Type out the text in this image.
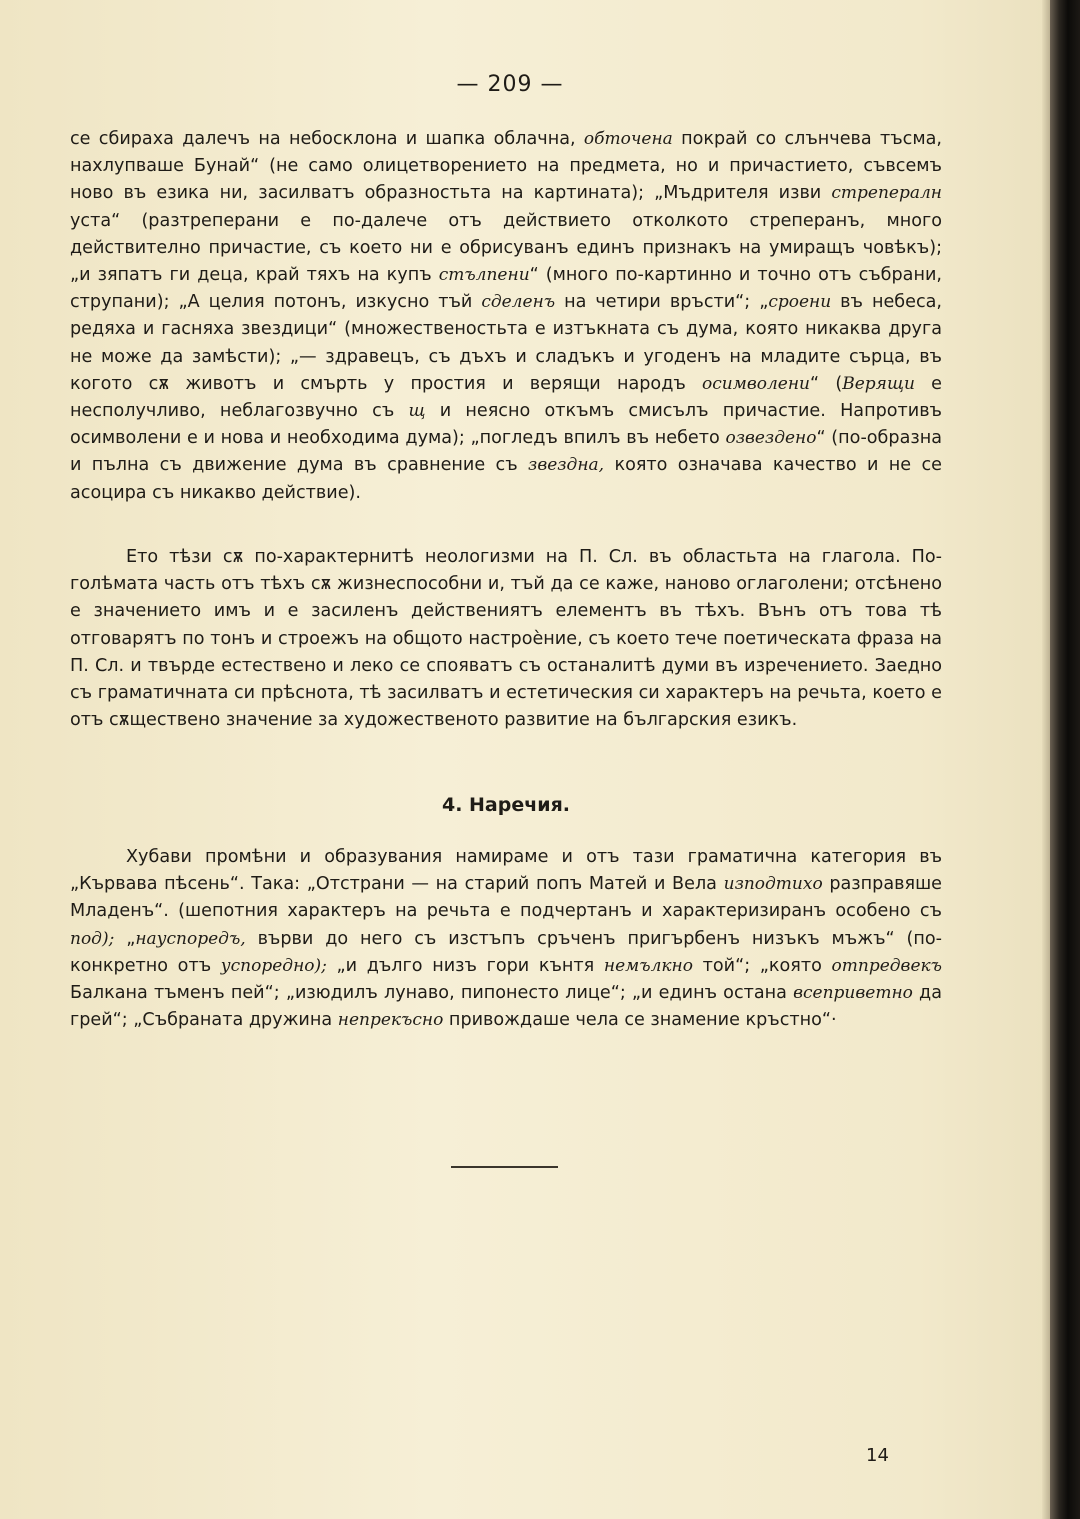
— 209 —

се сбираха далечъ на небосклона и шапка облачна, обточена покрай со слънчева тъсма, нахлупваше Бунай“ (не само олицетворението на предмета, но и причастието, съвсемъ ново въ езика ни, засилватъ образностьта на картината); „Мъдрителя изви стрепералн уста“ (разтреперани е по-далече отъ действието отколкото стреперанъ, много действително причастие, съ което ни е обрисуванъ единъ признакъ на умиращъ човѣкъ); „и зяпатъ ги деца, край тяхъ на купъ стълпени“ (много по-картинно и точно отъ събрани, струпани); „А целия потонъ, изкусно тъй сделенъ на четири връсти“; „сроени въ небеса, редяха и гасняха звездици“ (множественостьта е изтъкната съ дума, която никаква друга не може да замѣсти); „— здравецъ, съ дъхъ и сладъкъ и угоденъ на младите сърца, въ когото сѫ животъ и смърть у простия и верящи народъ осимволени“ (Верящи е несполучливо, неблагозвучно съ щ и неясно откъмъ смисълъ причастие. Напротивъ осимволени е и нова и необходима дума); „погледъ впилъ въ небето озвездено“ (по-образна и пълна съ движение дума въ сравнение съ звездна, която означава качество и не се асоцира съ никакво действие).

Ето тѣзи сѫ по-характернитѣ неологизми на П. Сл. въ областьта на глагола. По-голѣмата часть отъ тѣхъ сѫ жизнеспособни и, тъй да се каже, наново оглаголени; отсѣнено е значението имъ и е засиленъ действениятъ елементъ въ тѣхъ. Вънъ отъ това тѣ отговарятъ по тонъ и строежъ на общото настроѐние, съ което тече поетическата фраза на П. Сл. и твърде естествено и леко се спояватъ съ останалитѣ думи въ изречението. Заедно съ граматичната си прѣснота, тѣ засилватъ и естетическия си характеръ на речьта, което е отъ сѫществено значение за художественото развитие на българския езикъ.

4. Наречия.

Хубави промѣни и образувания намираме и отъ тази граматична категория въ „Кървава пѣсень“. Така: „Отстрани — на старий попъ Матей и Вела изподтихо разправяше Младенъ“. (шепотния характеръ на речьта е подчертанъ и характеризиранъ особено съ под); „науспоредъ, върви до него съ изстъпъ сръченъ пригърбенъ низъкъ мъжъ“ (по-конкретно отъ успоредно); „и дълго низъ гори кънтя немълкно той“; „която отпредвекъ Балкана тъменъ пей“; „изюдилъ лунаво, пипонесто лице“; „и единъ остана всеприветно да грей“; „Събраната дружина непрекъсно привождаше чела се знамение кръстно“·

14
